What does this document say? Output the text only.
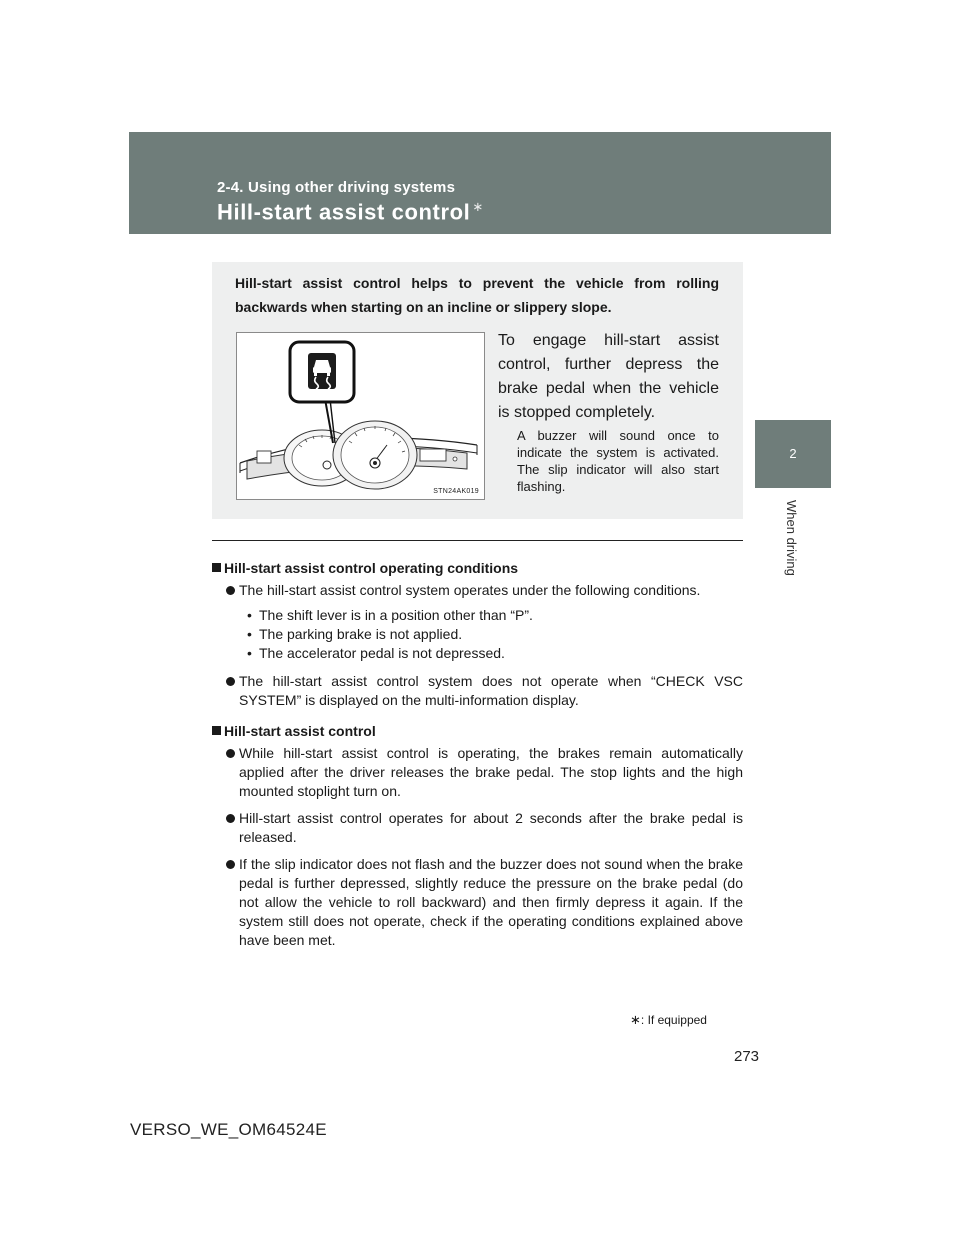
2-4. Using other driving systems
Hill-start assist control ∗
2
When driving
Hill-start assist control helps to prevent the vehicle from rolling
backwards when starting on an incline or slippery slope.
STN24AK019
To engage hill-start assist control, further depress the brake pedal when the vehicle is stopped completely.
A buzzer will sound once to indicate the system is activated. The slip indicator will also start flashing.
Hill-start assist control operating conditions
The hill-start assist control system operates under the following conditions.
• The shift lever is in a position other than “P”.
• The parking brake is not applied.
• The accelerator pedal is not depressed.
The hill-start assist control system does not operate when “CHECK VSC SYSTEM” is displayed on the multi-information display.
Hill-start assist control
While hill-start assist control is operating, the brakes remain automatically applied after the driver releases the brake pedal. The stop lights and the high mounted stoplight turn on.
Hill-start assist control operates for about 2 seconds after the brake pedal is released.
If the slip indicator does not flash and the buzzer does not sound when the brake pedal is further depressed, slightly reduce the pressure on the brake pedal (do not allow the vehicle to roll backward) and then firmly depress it again. If the system still does not operate, check if the operating conditions explained above have been met.
∗: If equipped
273
VERSO_WE_OM64524E
